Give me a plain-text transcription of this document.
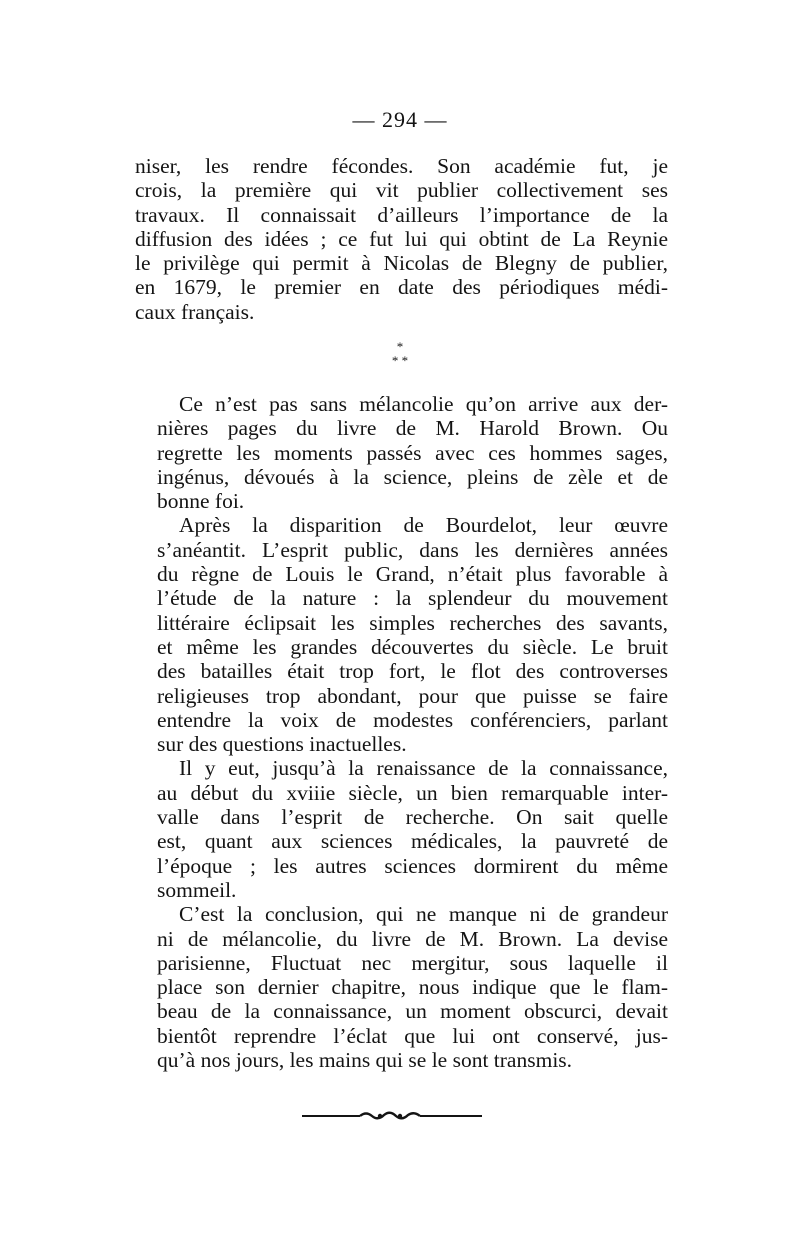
— 294 —

niser, les rendre fécondes. Son académie fut, je
crois, la première qui vit publier collectivement ses
travaux. Il connaissait d’ailleurs l’importance de la
diffusion des idées ; ce fut lui qui obtint de La Reynie
le privilège qui permit à Nicolas de Blegny de publier,
en 1679, le premier en date des périodiques médi-
caux français.

*
* *

Ce n’est pas sans mélancolie qu’on arrive aux der-
nières pages du livre de M. Harold Brown. Ou
regrette les moments passés avec ces hommes sages,
ingénus, dévoués à la science, pleins de zèle et de
bonne foi.

Après la disparition de Bourdelot, leur œuvre
s’anéantit. L’esprit public, dans les dernières années
du règne de Louis le Grand, n’était plus favorable à
l’étude de la nature : la splendeur du mouvement
littéraire éclipsait les simples recherches des savants,
et même les grandes découvertes du siècle. Le bruit
des batailles était trop fort, le flot des controverses
religieuses trop abondant, pour que puisse se faire
entendre la voix de modestes conférenciers, parlant
sur des questions inactuelles.

Il y eut, jusqu’à la renaissance de la connaissance,
au début du xviiie siècle, un bien remarquable inter-
valle dans l’esprit de recherche. On sait quelle
est, quant aux sciences médicales, la pauvreté de
l’époque ; les autres sciences dormirent du même
sommeil.

C’est la conclusion, qui ne manque ni de grandeur
ni de mélancolie, du livre de M. Brown. La devise
parisienne, Fluctuat nec mergitur, sous laquelle il
place son dernier chapitre, nous indique que le flam-
beau de la connaissance, un moment obscurci, devait
bientôt reprendre l’éclat que lui ont conservé, jus-
qu’à nos jours, les mains qui se le sont transmis.
